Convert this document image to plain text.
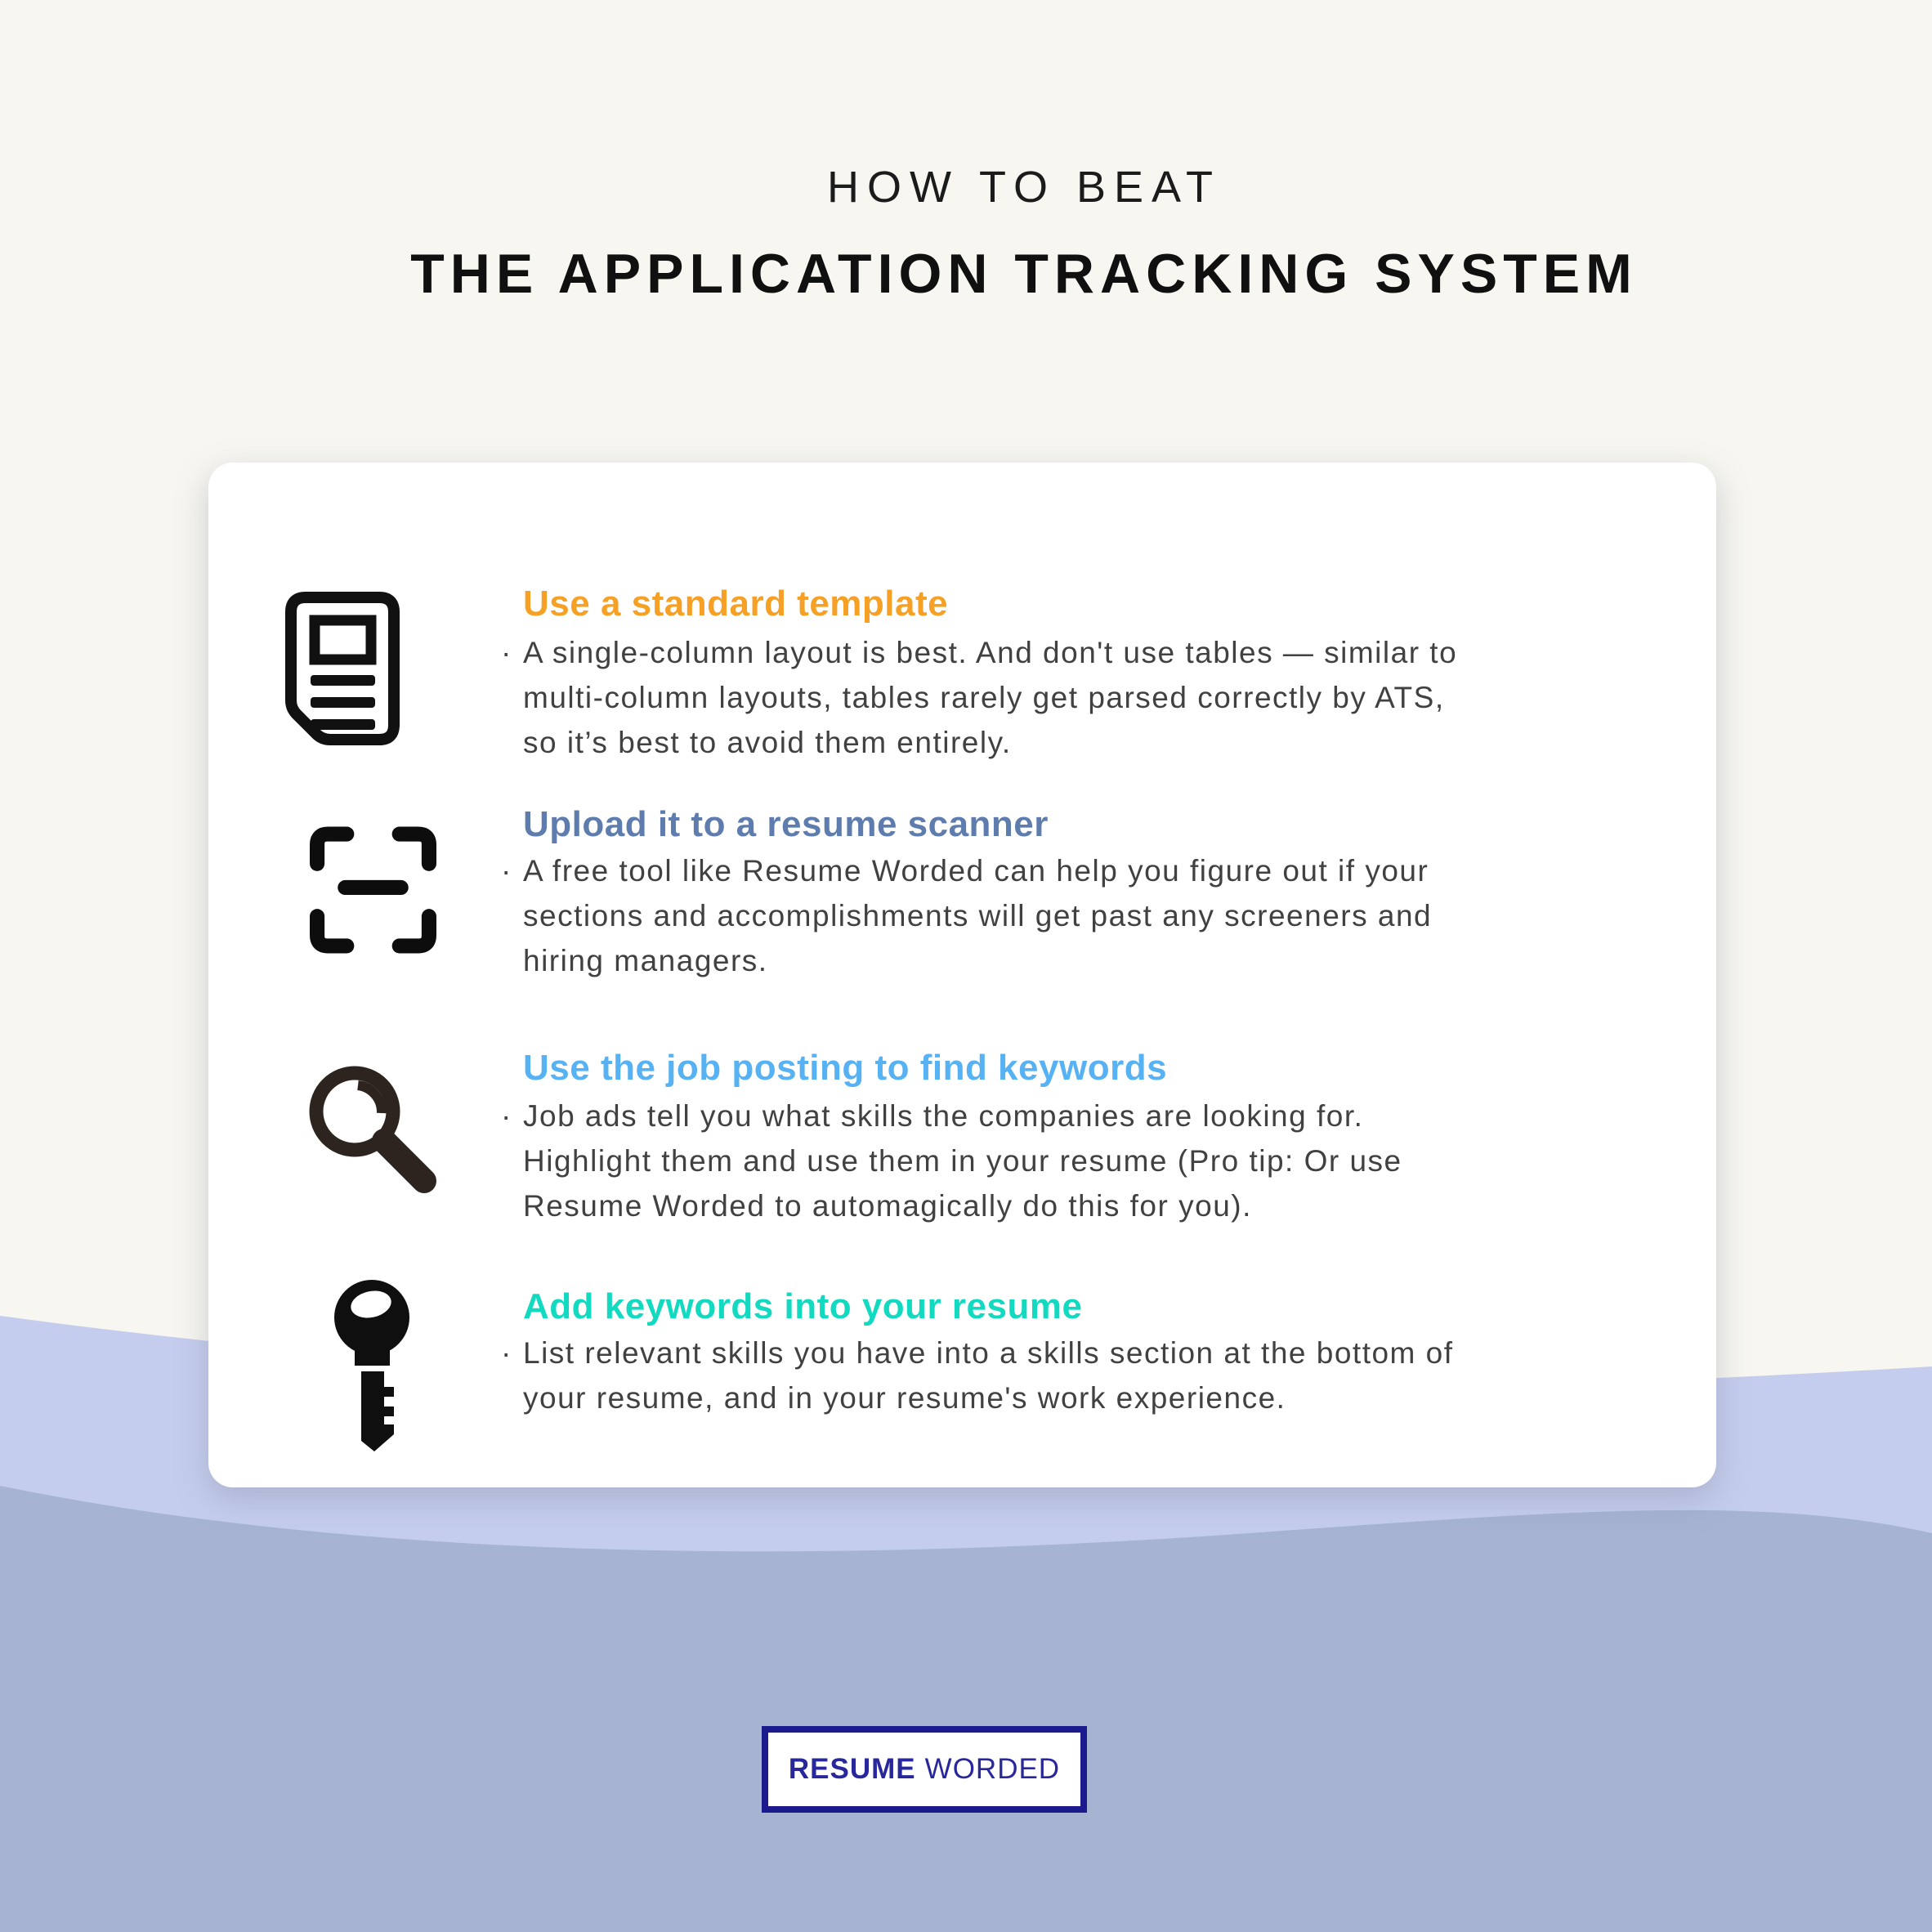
HOW TO BEAT
THE APPLICATION TRACKING SYSTEM
Use a standard template
· A single-column layout is best. And don't use tables — similar to
multi-column layouts, tables rarely get parsed correctly by ATS,
so it’s best to avoid them entirely.
Upload it to a resume scanner
· A free tool like Resume Worded can help you figure out if your
sections and accomplishments will get past any screeners and
hiring managers.
Use the job posting to find keywords
· Job ads tell you what skills the companies are looking for.
Highlight them and use them in your resume (Pro tip: Or use
Resume Worded to automagically do this for you).
Add keywords into your resume
· List relevant skills you have into a skills section at the bottom of
your resume, and in your resume's work experience.
RESUME WORDED
